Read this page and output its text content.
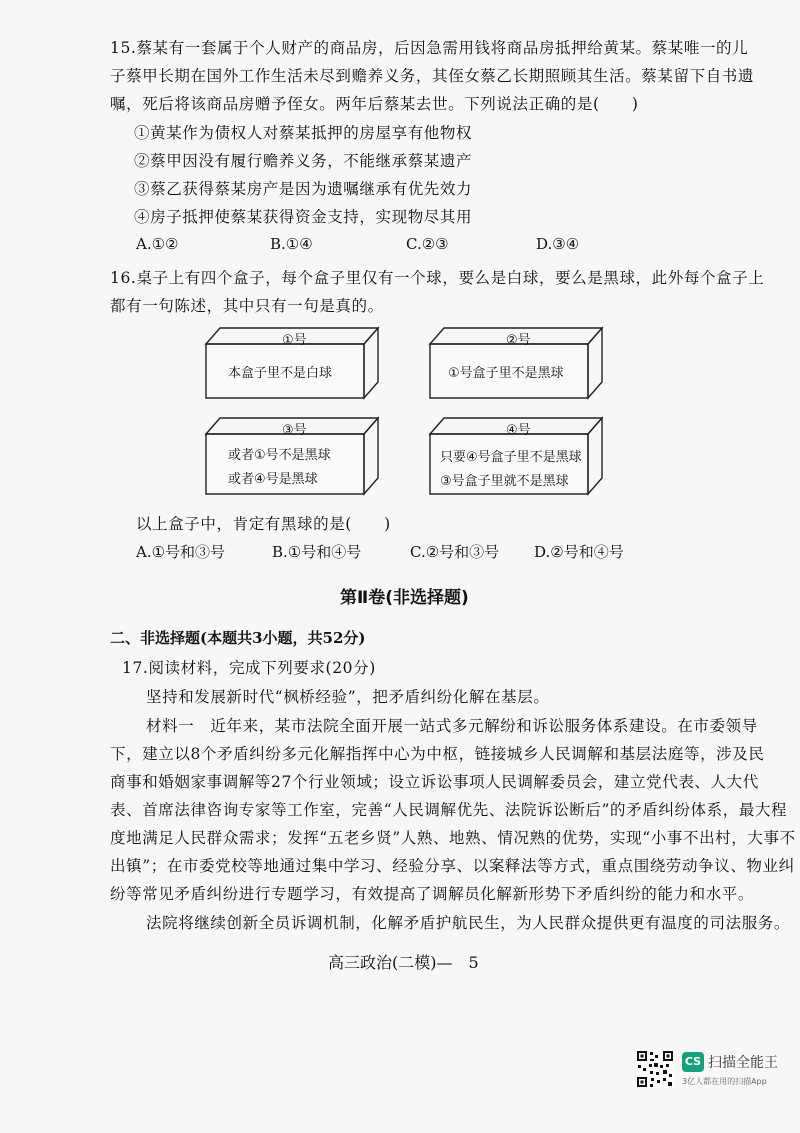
15.蔡某有一套属于个人财产的商品房，后因急需用钱将商品房抵押给黄某。蔡某唯一的儿
子蔡甲长期在国外工作生活未尽到赡养义务，其侄女蔡乙长期照顾其生活。蔡某留下自书遗
嘱，死后将该商品房赠予侄女。两年后蔡某去世。下列说法正确的是(　　)
①黄某作为债权人对蔡某抵押的房屋享有他物权
②蔡甲因没有履行赡养义务，不能继承蔡某遗产
③蔡乙获得蔡某房产是因为遗嘱继承有优先效力
④房子抵押使蔡某获得资金支持，实现物尽其用
A.①②	B.①④	C.②③	D.③④
16.桌子上有四个盒子，每个盒子里仅有一个球，要么是白球，要么是黑球，此外每个盒子上
都有一句陈述，其中只有一句是真的。
①号
本盒子里不是白球
②号
①号盒子里不是黑球
③号
或者①号不是黑球
或者④号是黑球
④号
只要④号盒子里不是黑球
③号盒子里就不是黑球
以上盒子中，肯定有黑球的是(　　)
A.①号和③号	B.①号和④号	C.②号和③号 D.②号和④号
第Ⅱ卷(非选择题)
二、非选择题(本题共3小题，共52分)
17.阅读材料，完成下列要求(20分)
坚持和发展新时代“枫桥经验”，把矛盾纠纷化解在基层。
材料一　近年来，某市法院全面开展一站式多元解纷和诉讼服务体系建设。在市委领导
下，建立以8个矛盾纠纷多元化解指挥中心为中枢，链接城乡人民调解和基层法庭等，涉及民
商事和婚姻家事调解等27个行业领域；设立诉讼事项人民调解委员会，建立党代表、人大代
表、首席法律咨询专家等工作室，完善“人民调解优先、法院诉讼断后”的矛盾纠纷体系，最大程
度地满足人民群众需求；发挥“五老乡贤”人熟、地熟、情况熟的优势，实现“小事不出村，大事不
出镇”；在市委党校等地通过集中学习、经验分享、以案释法等方式，重点围绕劳动争议、物业纠
纷等常见矛盾纠纷进行专题学习，有效提高了调解员化解新形势下矛盾纠纷的能力和水平。
法院将继续创新全员诉调机制，化解矛盾护航民生，为人民群众提供更有温度的司法服务。
高三政治(二模)—　5
CS 扫描全能王
3亿人都在用的扫描App
